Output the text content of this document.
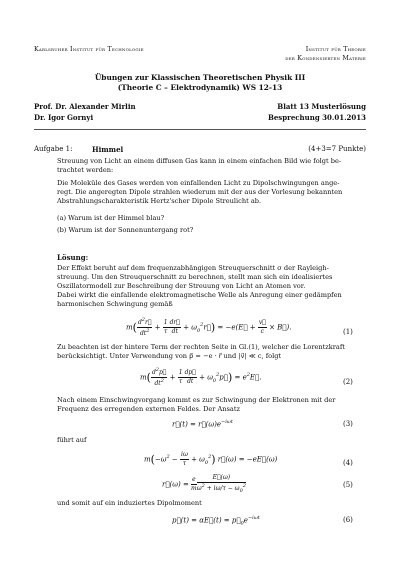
Karlsruher Institut für Technologie	Institut für Theorie
der Kondensierten Materie
Übungen zur Klassischen Theoretischen Physik III
(Theorie C – Elektrodynamik) WS 12-13
Prof. Dr. Alexander Mirlin
Dr. Igor Gornyi
Blatt 13 Musterlösung
Besprechung 30.01.2013
Aufgabe 1:	Himmel	(4+3=7 Punkte)
Streuung von Licht an einem diffusen Gas kann in einem einfachen Bild wie folgt be-
trachtet werden:
Die Moleküle des Gases werden von einfallenden Licht zu Dipolschwingungen ange-
regt. Die angeregten Dipole strahlen wiederum mit der aus der Vorlesung bekannten
Abstrahlungscharakteristik Hertz'scher Dipole Streulicht ab.
(a) Warum ist der Himmel blau?
(b) Warum ist der Sonnenuntergang rot?
Lösung:
Der Effekt beruht auf dem frequenzabhängigen Streuquerschnitt σ der Rayleigh-
streuung. Um den Streuquerschnitt zu berechnen, stellt man sich ein idealisiertes
Oszillatormodell zur Beschreibung der Streuung von Licht an Atomen vor.
Dabei wirkt die einfallende elektromagnetische Welle als Anregung einer gedämpfen
harmonischen Schwingung gemäß
$m( \frac{d^2r⃗}{dt^2} + \frac{1}{\tau} \frac{dr⃗}{dt}$ + $\omega_0^2r⃗$) = −e(E⃗ + $\frac{v⃗}{c}$ × B⃗).
(1)
Zu beachten ist der hintere Term der rechten Seite in Gl.(1), welcher die Lorentzkraft
berücksichtigt. Unter Verwendung von p⃗ = −e · r⃗ und |v⃗| ≪ c, folgt
$m( \frac{d^2p⃗}{dt^2} + \frac{1}{\tau} \frac{dp⃗}{dt}$ + $\omega_0^2p⃗$) = $e^2E⃗$.
(2)
Nach einem Einschwingvorgang kommt es zur Schwingung der Elektronen mit der
Frequenz des erregenden externen Feldes. Der Ansatz
r⃗(t) = $r⃗(\omega)e^{-i\omega t}$	(3)
führt auf
$m(-\omega^2 - \frac{i\omega}{\tau} + \omega_0^2)$ r⃗(ω) = −eE⃗(ω)	(4)
r⃗(ω) = $\frac{e}{m} \frac{E⃗(\omega)}{\omega^2 + i\omega/\tau - \omega_0^2}$	(5)
und somit auf ein induziertes Dipolmoment
p⃗(t) = αE⃗(t) = $p⃗_0e^{-i\omega t}$	(6)
